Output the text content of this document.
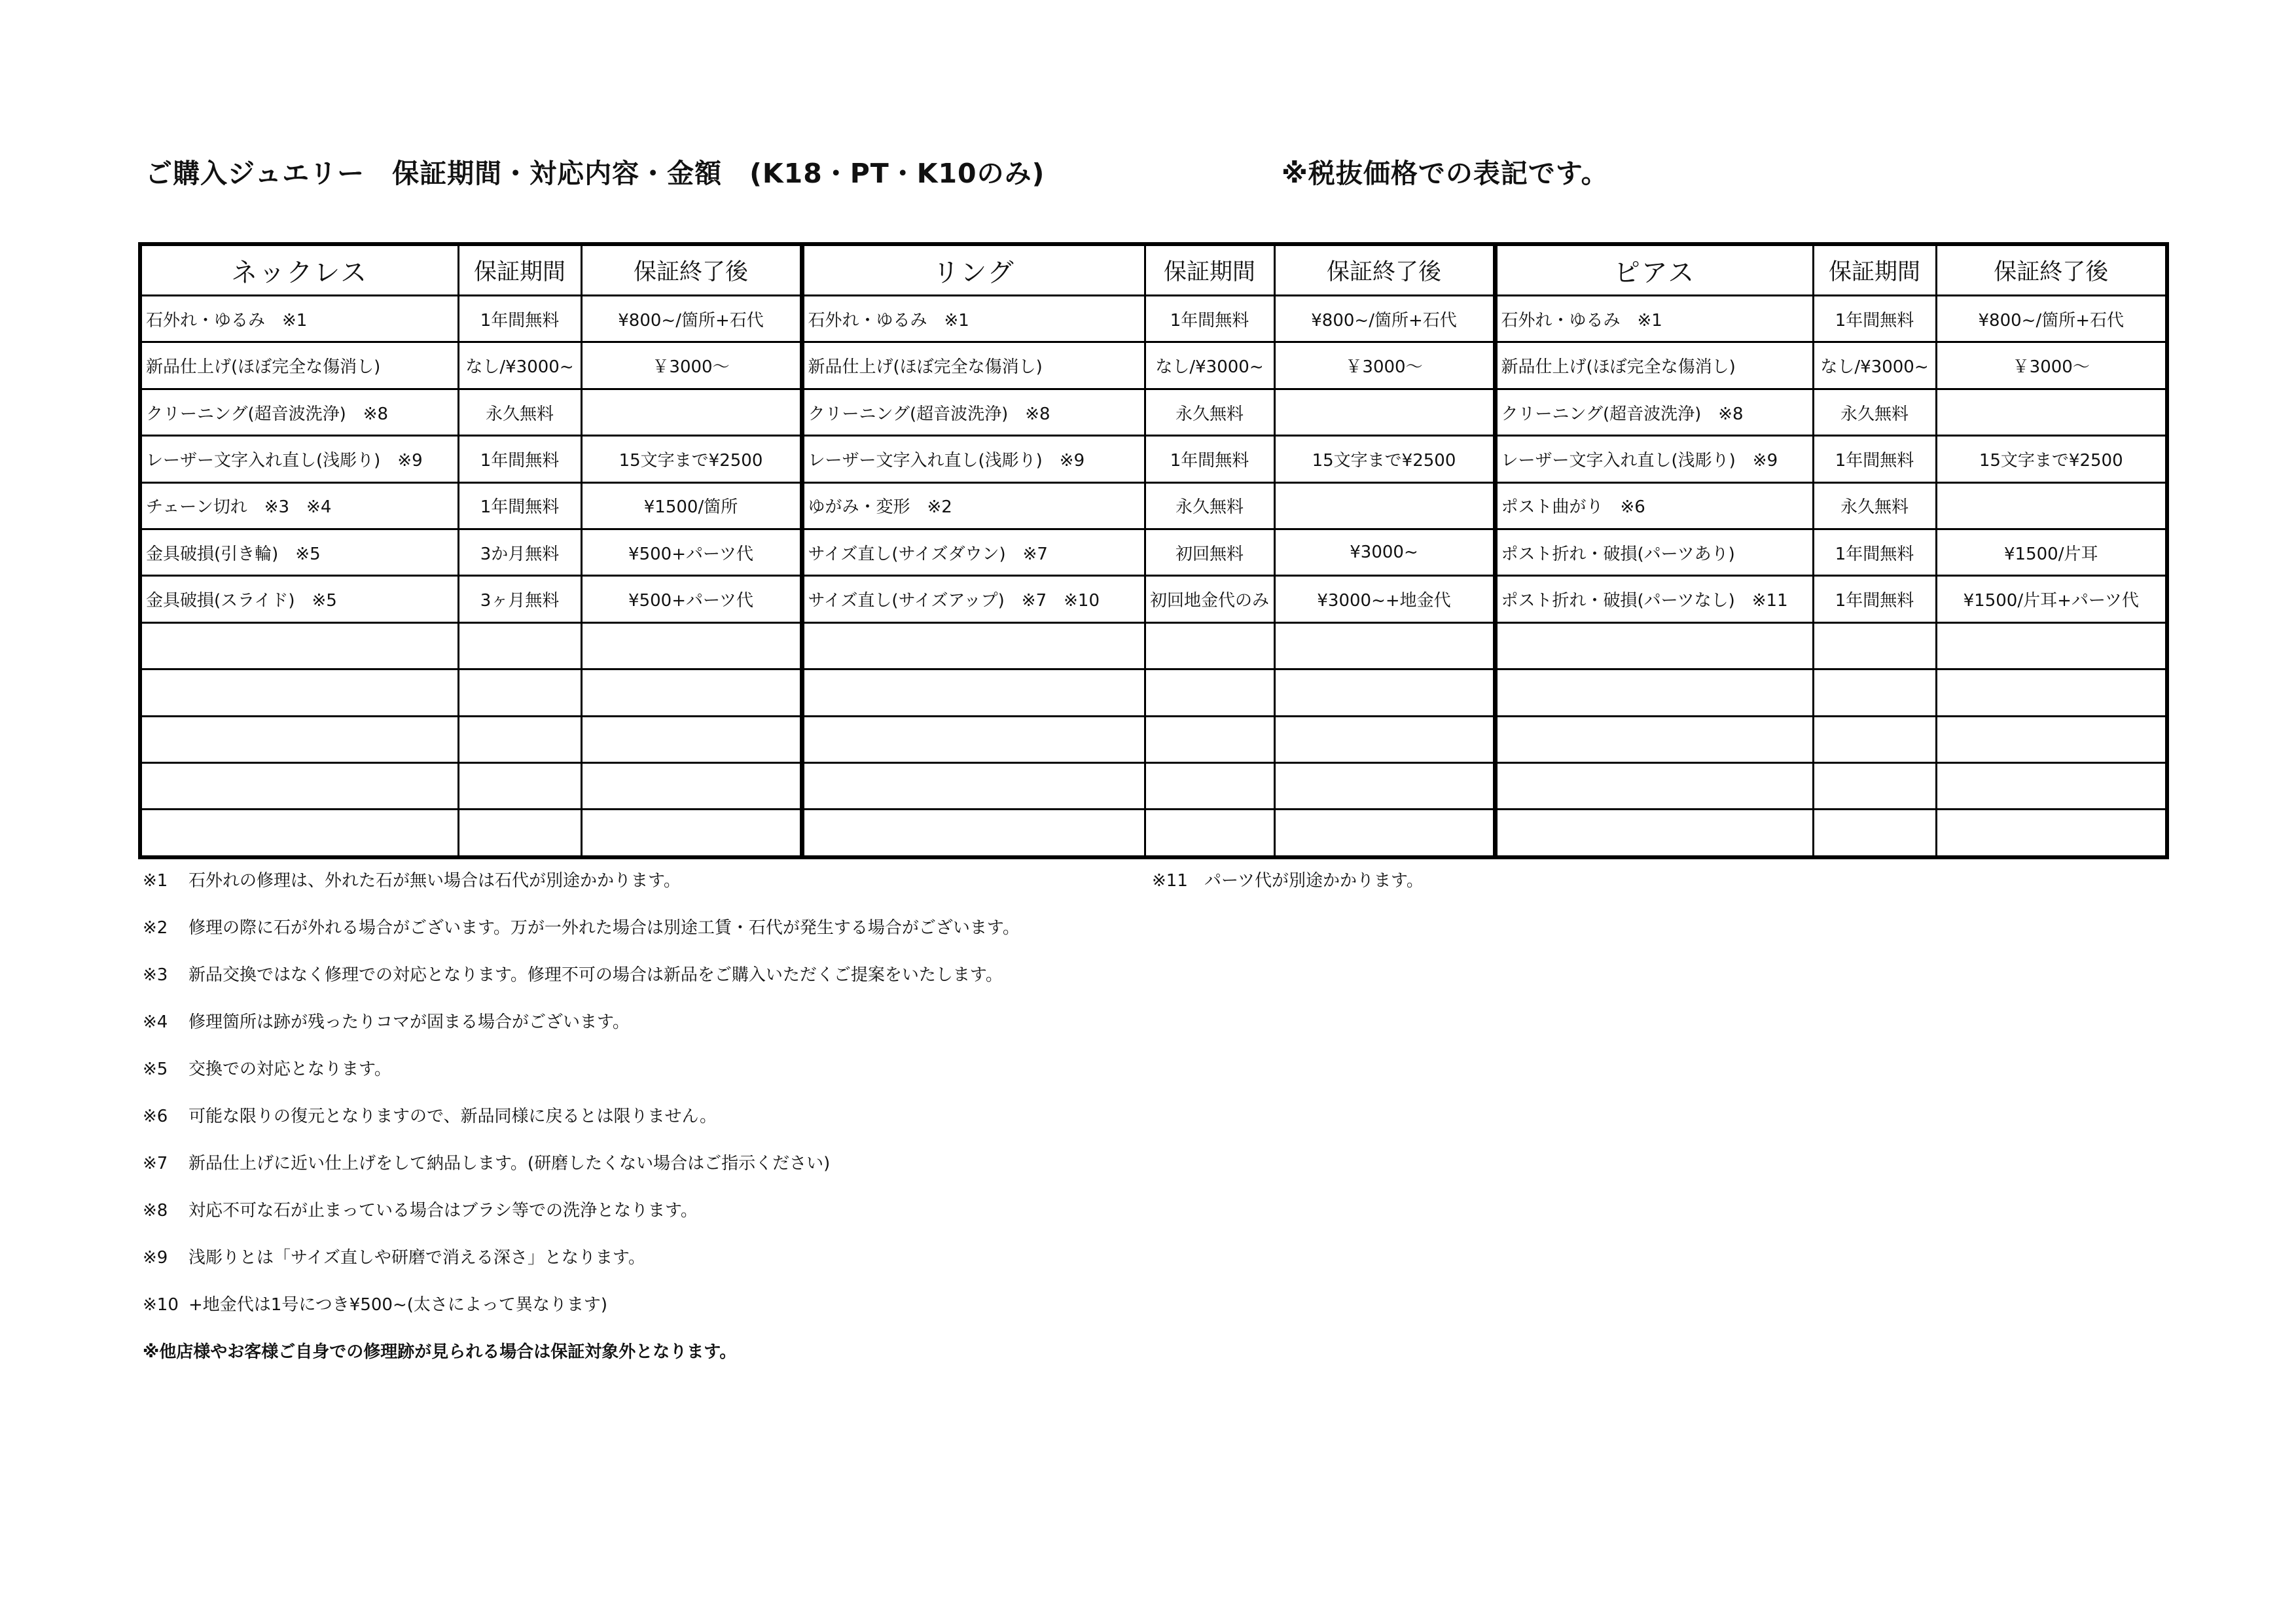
ご購入ジュエリー　保証期間・対応内容・金額　(K18・PT・K10のみ)	※税抜価格での表記です。
ネックレス	保証期間	保証終了後	リング	保証期間	保証終了後	ピアス	保証期間	保証終了後
石外れ・ゆるみ　※1	1年間無料	¥800~/箇所+石代	石外れ・ゆるみ　※1	1年間無料	¥800~/箇所+石代	石外れ・ゆるみ　※1	1年間無料	¥800~/箇所+石代
新品仕上げ(ほぼ完全な傷消し)	なし/¥3000~	￥3000～	新品仕上げ(ほぼ完全な傷消し)	なし/¥3000~	￥3000～	新品仕上げ(ほぼ完全な傷消し)	なし/¥3000~	￥3000～
クリーニング(超音波洗浄)　※8	永久無料		クリーニング(超音波洗浄)　※8	永久無料		クリーニング(超音波洗浄)　※8	永久無料	
レーザー文字入れ直し(浅彫り)　※9	1年間無料	15文字まで¥2500	レーザー文字入れ直し(浅彫り)　※9	1年間無料	15文字まで¥2500	レーザー文字入れ直し(浅彫り)　※9	1年間無料	15文字まで¥2500
チェーン切れ　※3　※4	1年間無料	¥1500/箇所	ゆがみ・変形　※2	永久無料		ポスト曲がり　※6	永久無料	
金具破損(引き輪)　※5	3か月無料	¥500+パーツ代	サイズ直し(サイズダウン)　※7	初回無料	¥3000~	ポスト折れ・破損(パーツあり)	1年間無料	¥1500/片耳
金具破損(スライド)　※5	3ヶ月無料	¥500+パーツ代	サイズ直し(サイズアップ)　※7　※10	初回地金代のみ	¥3000~+地金代	ポスト折れ・破損(パーツなし)　※11	1年間無料	¥1500/片耳+パーツ代

※1 石外れの修理は、外れた石が無い場合は石代が別途かかります。
※2 修理の際に石が外れる場合がございます。万が一外れた場合は別途工賃・石代が発生する場合がございます。
※3 新品交換ではなく修理での対応となります。修理不可の場合は新品をご購入いただくご提案をいたします。
※4 修理箇所は跡が残ったりコマが固まる場合がございます。
※5 交換での対応となります。
※6 可能な限りの復元となりますので、新品同様に戻るとは限りません。
※7 新品仕上げに近い仕上げをして納品します。(研磨したくない場合はご指示ください)
※8 対応不可な石が止まっている場合はブラシ等での洗浄となります。
※9 浅彫りとは「サイズ直しや研磨で消える深さ」となります。
※10 +地金代は1号につき¥500~(太さによって異なります)
※他店様やお客様ご自身での修理跡が見られる場合は保証対象外となります。
※11 パーツ代が別途かかります。
